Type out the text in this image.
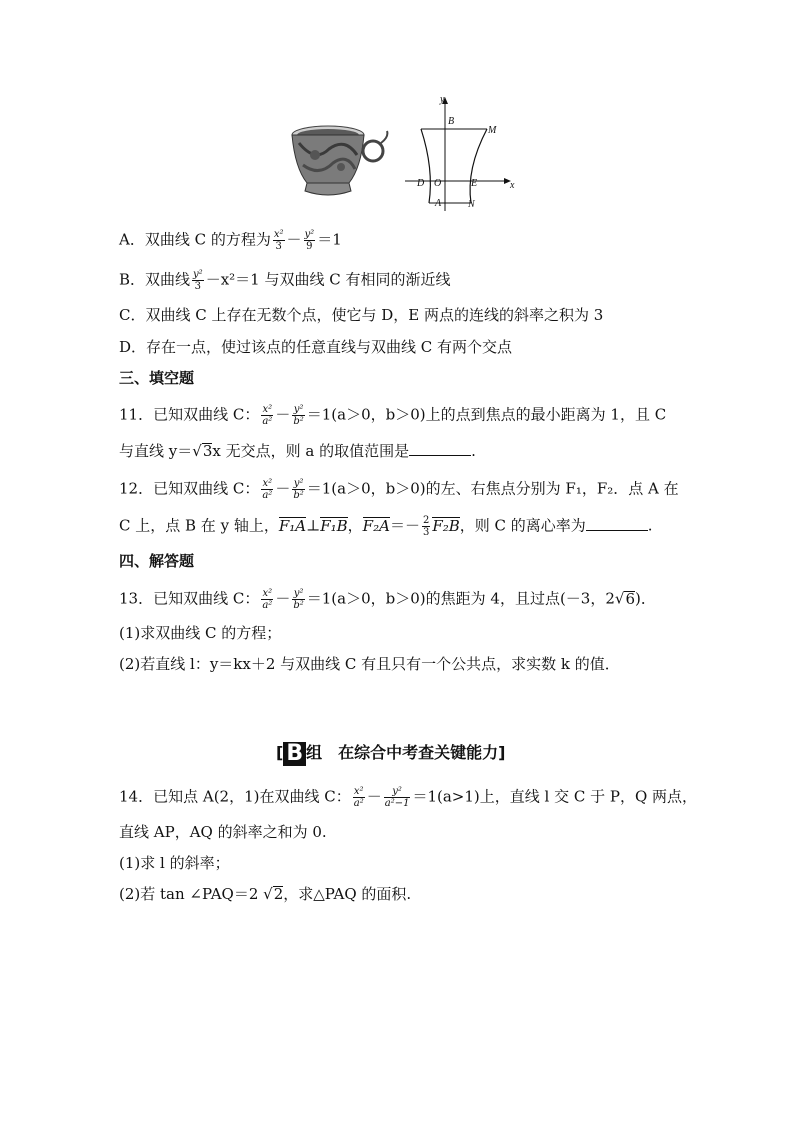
y
x
B
M
D O	E
A	N
A．双曲线 C 的方程为 $\frac{\text{x²}}{3} - \frac{\text{y²}}{9} =1$
B．双曲线 $\frac{\text{y²}}{3} -x^2=1$ 与双曲线 C 有相同的渐近线
C．双曲线 C 上存在无数个点，使它与 D，E 两点的连线的斜率之积为 3
D．存在一点，使过该点的任意直线与双曲线 C 有两个交点
三、填空题
11．已知双曲线 C： $\frac{\text{x²}}{\text{a²}} - \frac{\text{y²}}{\text{b²}} =1(a>0$，b＞0)上的点到焦点的最小距离为 1，且 C
与直线 y＝√3x 无交点，则 a 的取值范围是	.
12．已知双曲线 C： $\frac{\text{x²}}{\text{a²}} - \frac{\text{y²}}{\text{b²}} =1(a>0$，b＞0)的左、右焦点分别为 F₁，F₂．点 A 在
C 上，点 B 在 y 轴上，F₁A⊥F₁B，$F_2A=- \frac{2}{3} F_2B$，则 C 的离心率为	.
四、解答题
13．已知双曲线 C： $\frac{\text{x²}}{\text{a²}} - \frac{\text{y²}}{\text{b²}} =1(a>0$，b＞0)的焦距为 4，且过点(－3，2√6)．
(1)求双曲线 C 的方程；
(2)若直线 l：y＝kx＋2 与双曲线 C 有且只有一个公共点，求实数 k 的值．
[ B 组　在综合中考查关键能力]
14．已知点 A(2，1)在双曲线 C： $\frac{\text{x²}}{\text{a²}} - \frac{\text{y²}}{\text{a²−1}} =1(a>1)$上，直线 l 交 C 于 P，Q 两点，
直线 AP，AQ 的斜率之和为 0.
(1)求 l 的斜率；
(2)若 tan ∠PAQ＝2 √2，求△PAQ 的面积.
